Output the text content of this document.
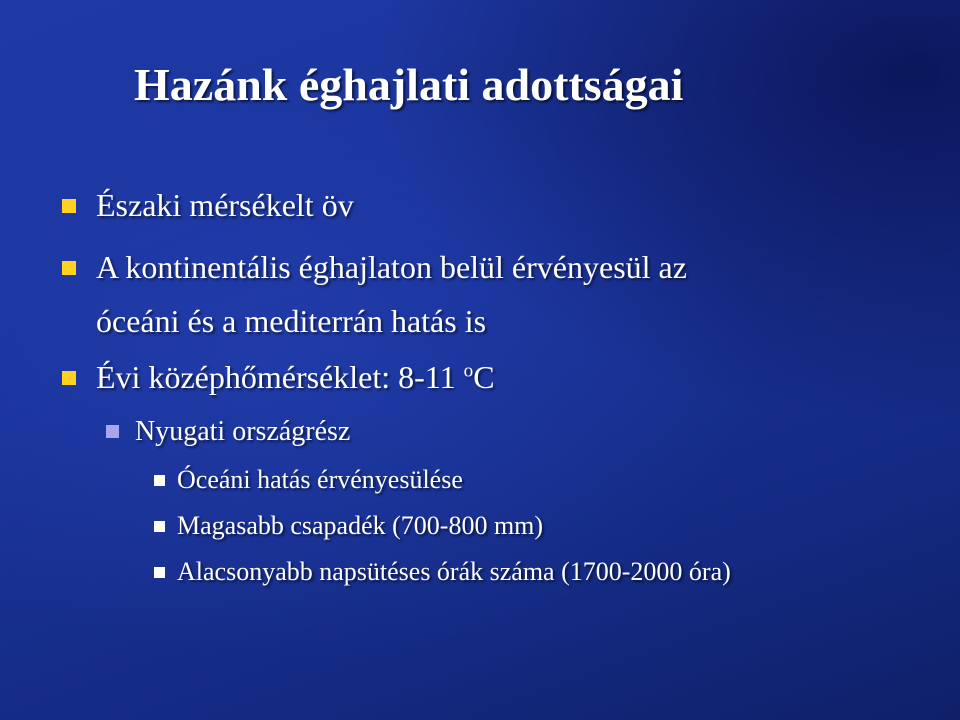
Hazánk éghajlati adottságai
Északi mérsékelt öv
A kontinentális éghajlaton belül érvényesül az
óceáni és a mediterrán hatás is
Évi középhőmérséklet: 8-11 $^o$C
Nyugati országrész
Óceáni hatás érvényesülése
Magasabb csapadék (700-800 mm)
Alacsonyabb napsütéses órák száma (1700-2000 óra)
